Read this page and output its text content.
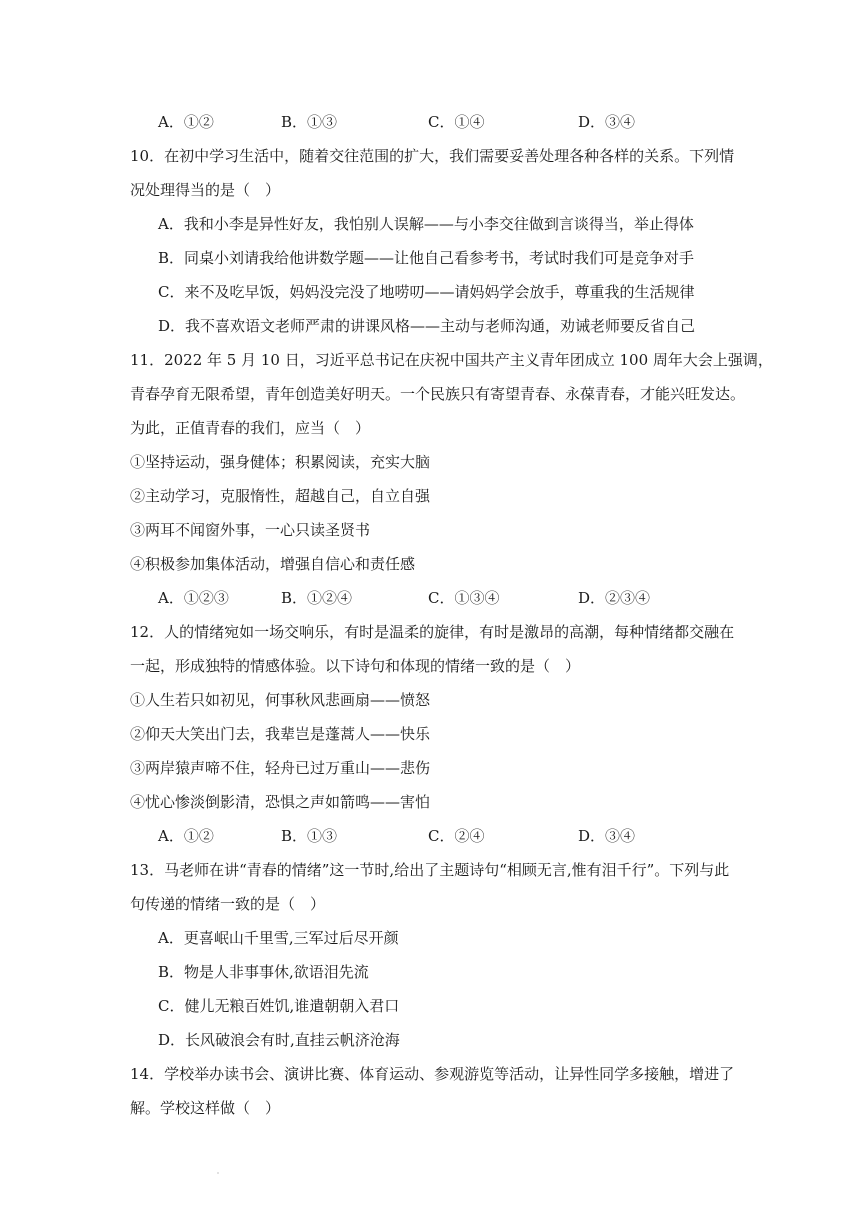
A．①②	B．①③	C．①④	D．③④
10．在初中学习生活中，随着交往范围的扩大，我们需要妥善处理各种各样的关系。下列情
况处理得当的是（　）
A．我和小李是异性好友，我怕别人误解——与小李交往做到言谈得当，举止得体
B．同桌小刘请我给他讲数学题——让他自己看参考书，考试时我们可是竞争对手
C．来不及吃早饭，妈妈没完没了地唠叨——请妈妈学会放手，尊重我的生活规律
D．我不喜欢语文老师严肃的讲课风格——主动与老师沟通，劝诫老师要反省自己
11．2022 年 5 月 10 日，习近平总书记在庆祝中国共产主义青年团成立 100 周年大会上强调，
青春孕育无限希望，青年创造美好明天。一个民族只有寄望青春、永葆青春，才能兴旺发达。
为此，正值青春的我们，应当（　）
①坚持运动，强身健体；积累阅读，充实大脑
②主动学习，克服惰性，超越自己，自立自强
③两耳不闻窗外事，一心只读圣贤书
④积极参加集体活动，增强自信心和责任感
A．①②③	B．①②④	C．①③④	D．②③④
12．人的情绪宛如一场交响乐，有时是温柔的旋律，有时是激昂的高潮，每种情绪都交融在
一起，形成独特的情感体验。以下诗句和体现的情绪一致的是（　）
①人生若只如初见，何事秋风悲画扇——愤怒
②仰天大笑出门去，我辈岂是蓬蒿人——快乐
③两岸猿声啼不住，轻舟已过万重山——悲伤
④忧心惨淡倒影清，恐惧之声如箭鸣——害怕
A．①②	B．①③	C．②④	D．③④
13．马老师在讲“青春的情绪”这一节时,给出了主题诗句“相顾无言,惟有泪千行”。下列与此
句传递的情绪一致的是（　）
A．更喜岷山千里雪,三军过后尽开颜
B．物是人非事事休,欲语泪先流
C．健儿无粮百姓饥,谁遣朝朝入君口
D．长风破浪会有时,直挂云帆济沧海
14．学校举办读书会、演讲比赛、体育运动、参观游览等活动，让异性同学多接触，增进了
解。学校这样做（　）
